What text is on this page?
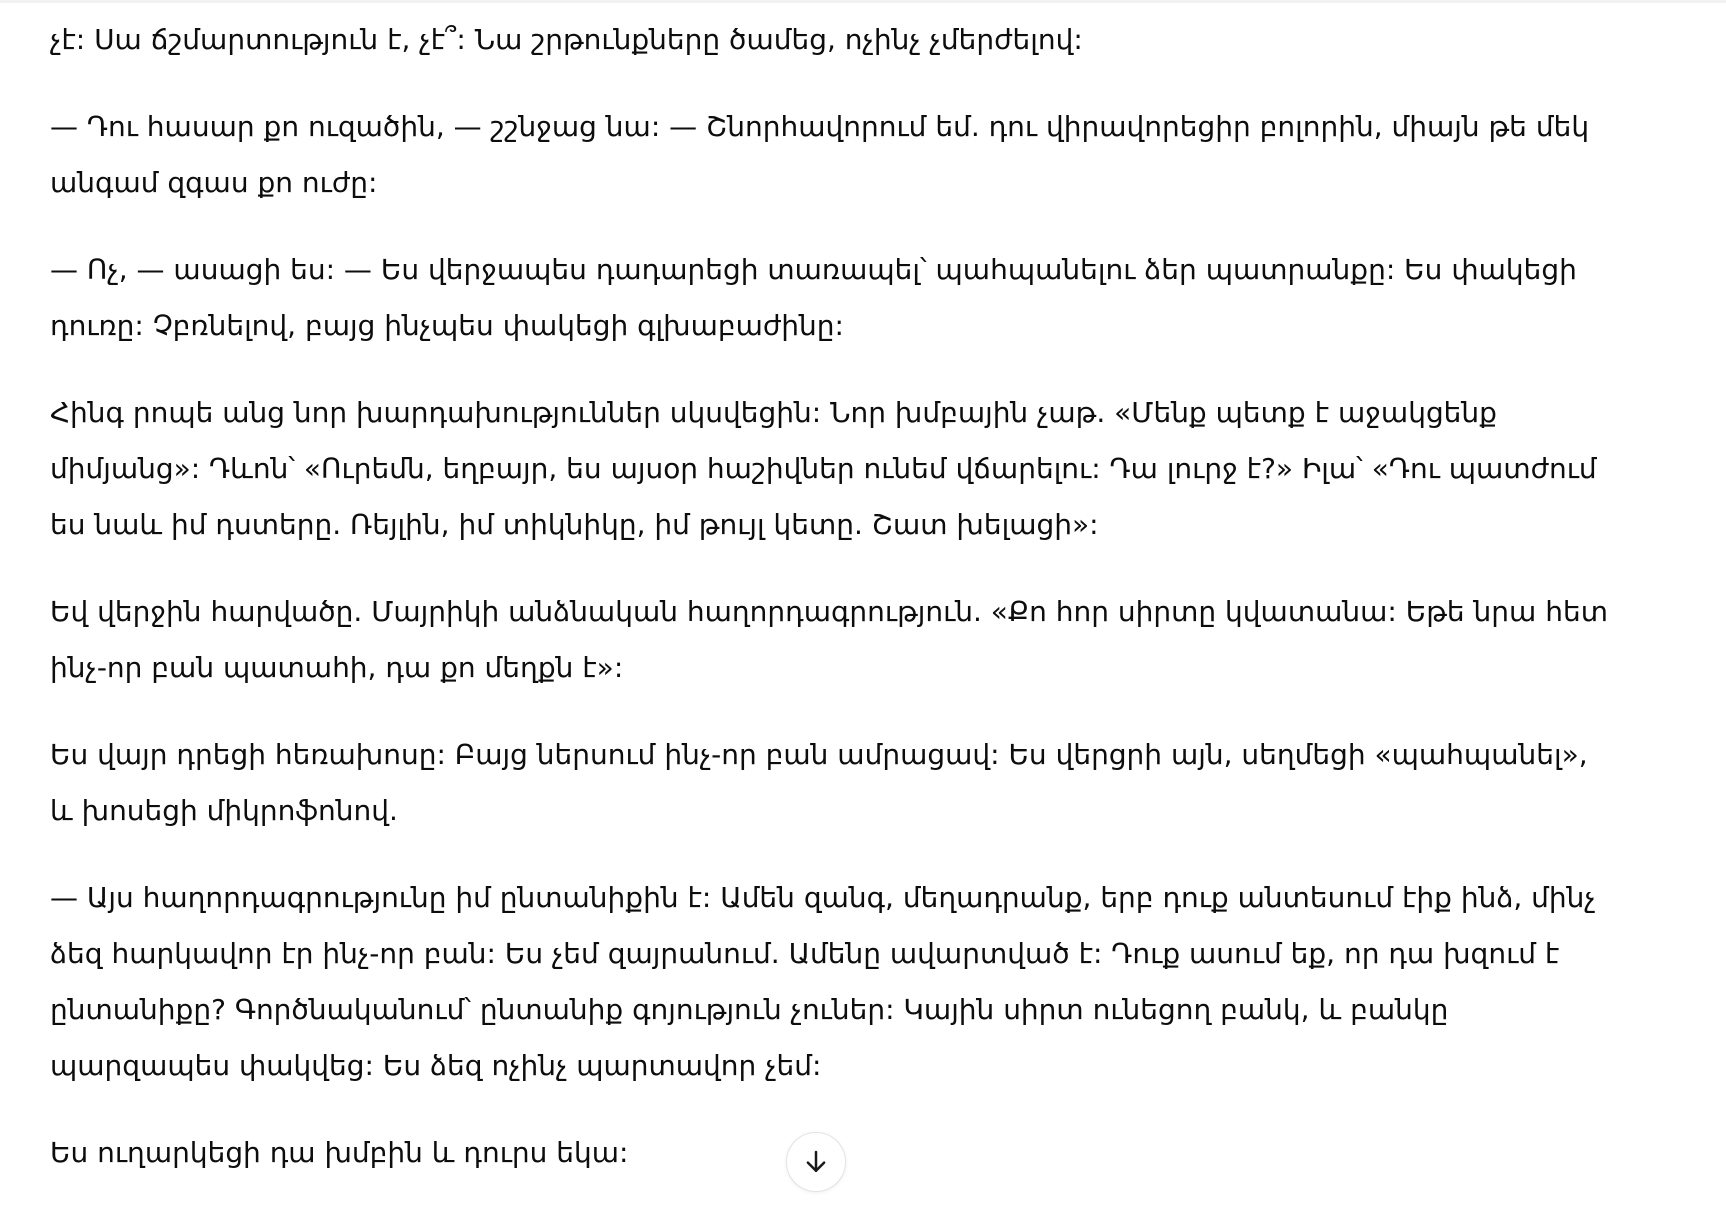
չէ: Սա ճշմարտություն է, չէ՞: Նա շրթունքները ծամեց, ոչինչ չմերժելով:

— Դու հասար քո ուզածին, — շշնջաց նա: — Շնորհավորում եմ. դու վիրավորեցիր բոլորին, միայն թե մեկ անգամ զգաս քո ուժը:

— Ոչ, — ասացի ես: — Ես վերջապես դադարեցի տառապել՝ պահպանելու ձեր պատրանքը: Ես փակեցի դուռը: Չբռնելով, բայց ինչպես փակեցի գլխաբաժինը:

Հինգ րոպե անց նոր խարդախություններ սկսվեցին: Նոր խմբային չաթ. «Մենք պետք է աջակցենք միմյանց»: Դևոն՝ «Ուրեմն, եղբայր, ես այսօր հաշիվներ ունեմ վճարելու: Դա լուրջ է?» Իլա՝ «Դու պատժում ես նաև իմ դստերը. Ռեյլին, իմ տիկնիկը, իմ թույլ կետը. Շատ խելացի»:

Եվ վերջին հարվածը. Մայրիկի անձնական հաղորդագրություն. «Քո հոր սիրտը կվատանա: Եթե նրա հետ ինչ-որ բան պատահի, դա քո մեղքն է»:

Ես վայր դրեցի հեռախոսը: Բայց ներսում ինչ-որ բան ամրացավ: Ես վերցրի այն, սեղմեցի «պահպանել», և խոսեցի միկրոֆոնով.

— Այս հաղորդագրությունը իմ ընտանիքին է: Ամեն զանգ, մեղադրանք, երբ դուք անտեսում էիք ինձ, մինչ ձեզ հարկավոր էր ինչ-որ բան: Ես չեմ զայրանում. Ամենը ավարտված է: Դուք ասում եք, որ դա խզում է ընտանիքը? Գործնականում՝ ընտանիք գոյություն չուներ: Կային սիրտ ունեցող բանկ, և բանկը պարզապես փակվեց: Ես ձեզ ոչինչ պարտավոր չեմ:

Ես ուղարկեցի դա խմբին և դուրս եկա:
